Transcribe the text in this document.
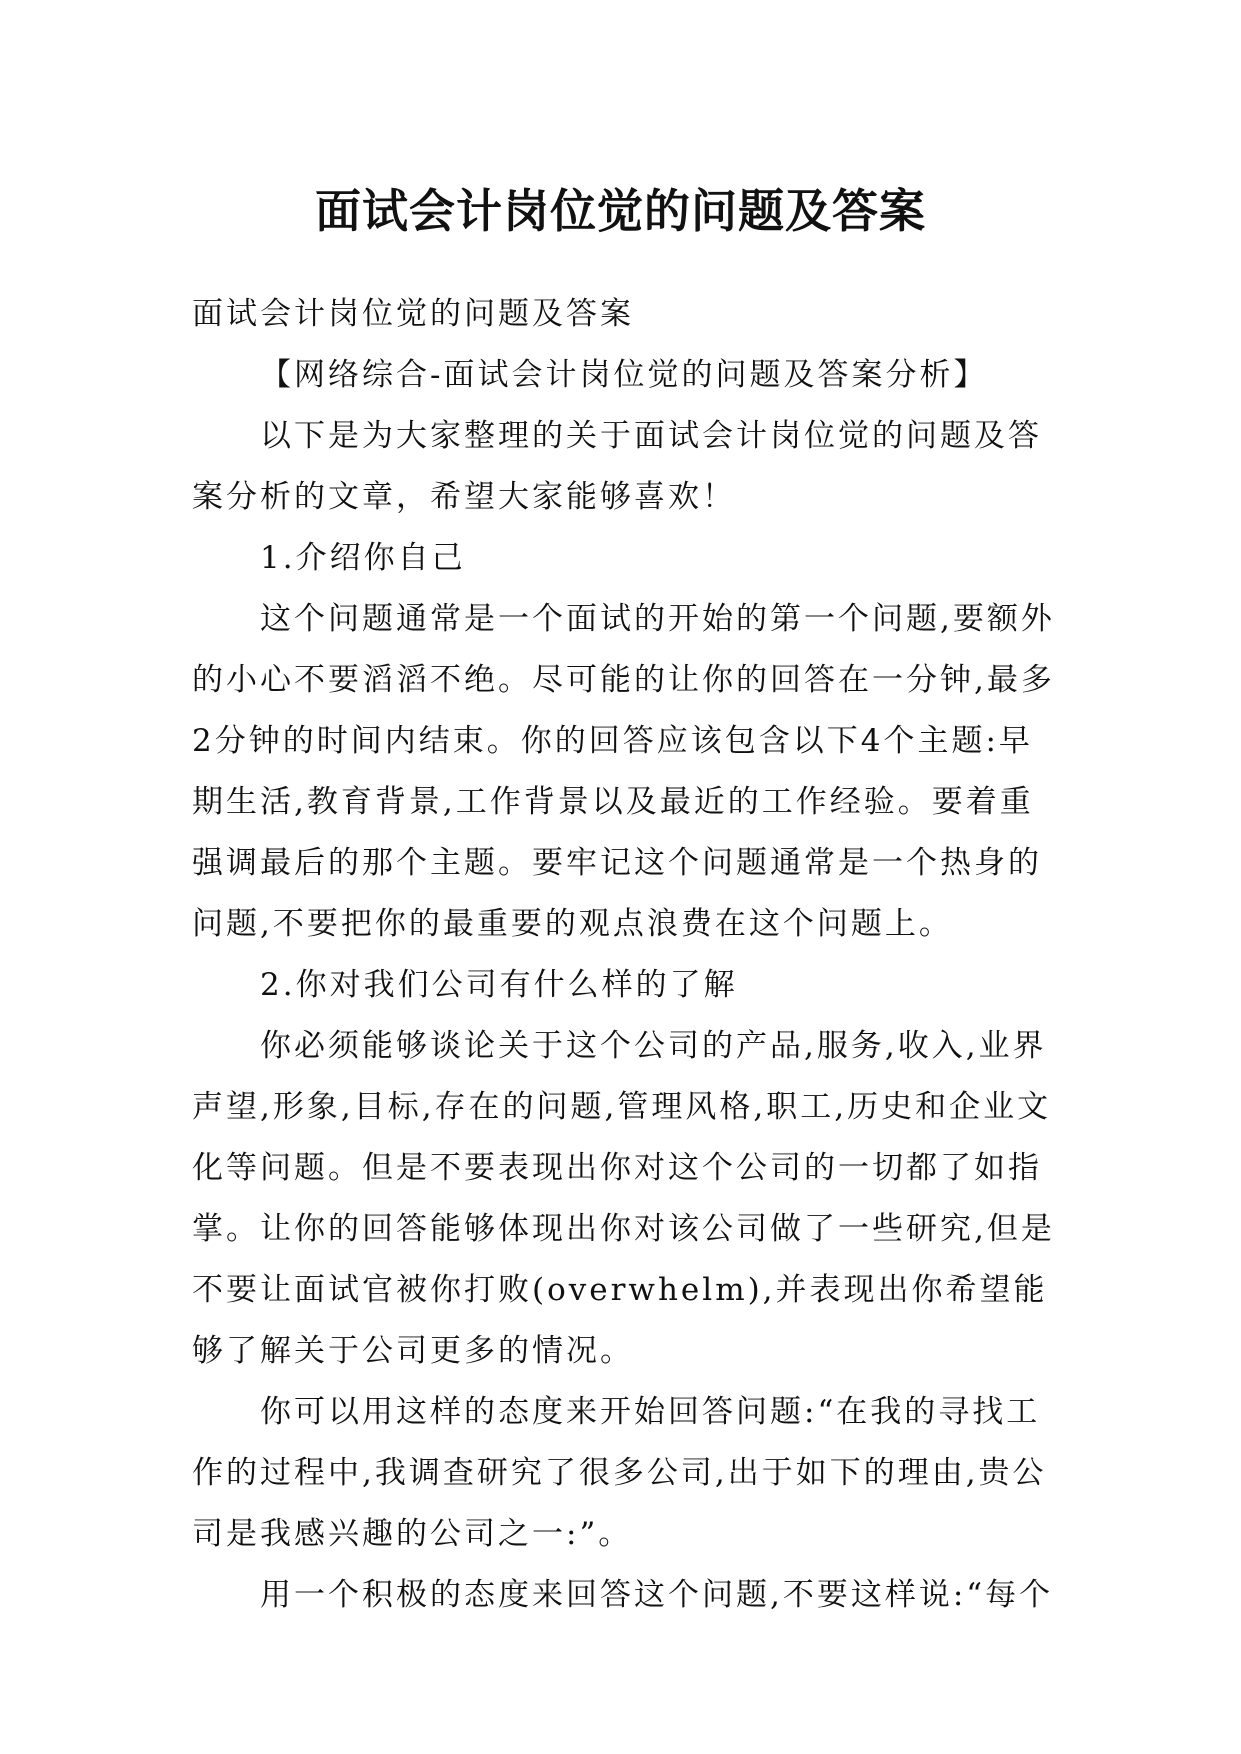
面试会计岗位觉的问题及答案

面试会计岗位觉的问题及答案

【网络综合-面试会计岗位觉的问题及答案分析】

以下是为大家整理的关于面试会计岗位觉的问题及答案分析的文章，希望大家能够喜欢！

1.介绍你自己

这个问题通常是一个面试的开始的第一个问题,要额外的小心不要滔滔不绝。尽可能的让你的回答在一分钟,最多2分钟的时间内结束。你的回答应该包含以下4个主题:早期生活,教育背景,工作背景以及最近的工作经验。要着重强调最后的那个主题。要牢记这个问题通常是一个热身的问题,不要把你的最重要的观点浪费在这个问题上。

2.你对我们公司有什么样的了解

你必须能够谈论关于这个公司的产品,服务,收入,业界声望,形象,目标,存在的问题,管理风格,职工,历史和企业文化等问题。但是不要表现出你对这个公司的一切都了如指掌。让你的回答能够体现出你对该公司做了一些研究,但是不要让面试官被你打败(overwhelm),并表现出你希望能够了解关于公司更多的情况。

你可以用这样的态度来开始回答问题:“在我的寻找工作的过程中,我调查研究了很多公司,出于如下的理由,贵公司是我感兴趣的公司之一:”。

用一个积极的态度来回答这个问题,不要这样说:“每个
